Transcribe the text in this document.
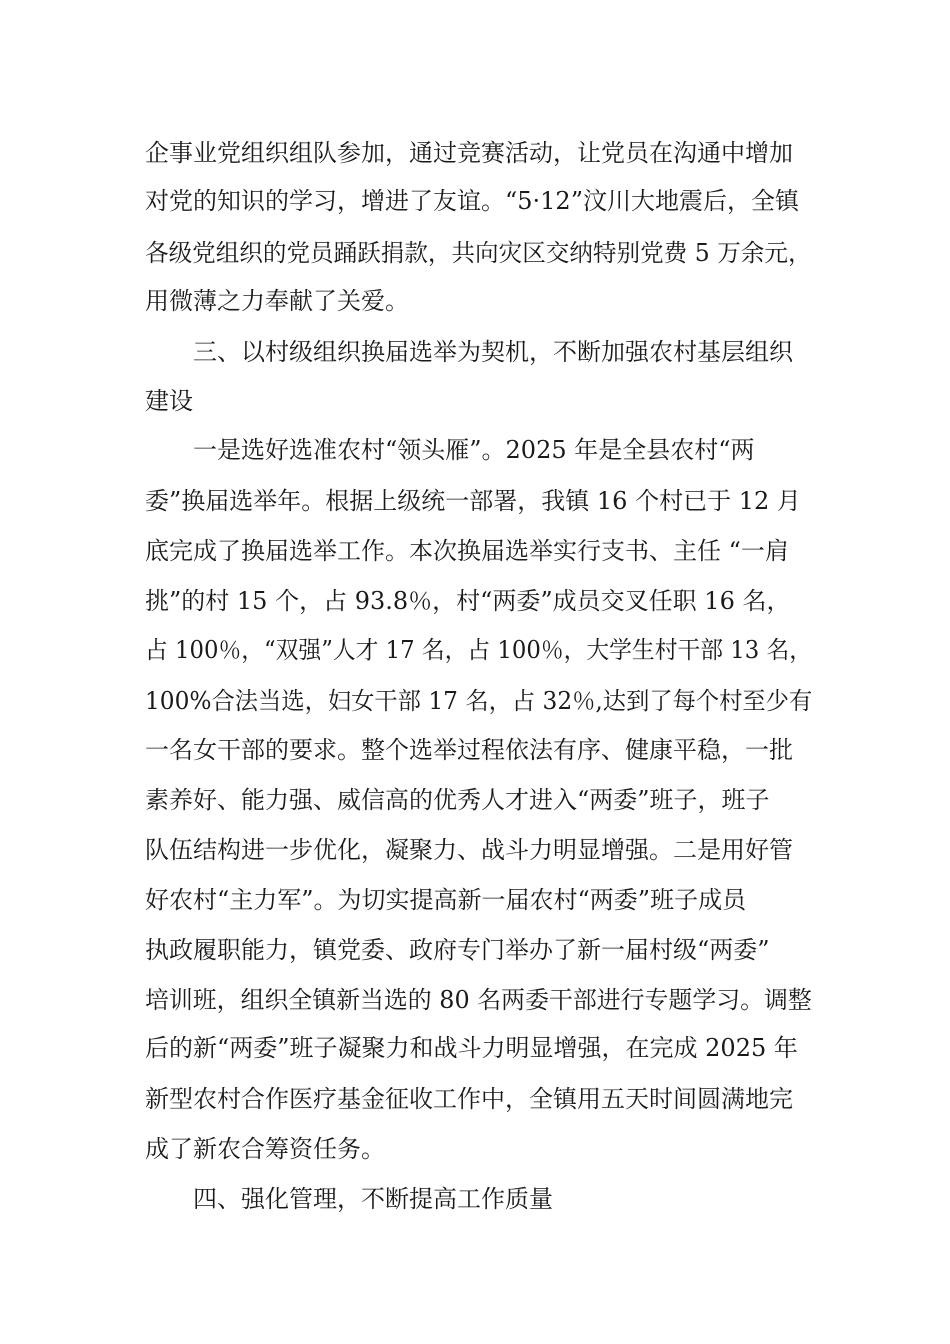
企事业党组织组队参加，通过竞赛活动，让党员在沟通中增加
对党的知识的学习，增进了友谊。“5·12”汶川大地震后，全镇
各级党组织的党员踊跃捐款，共向灾区交纳特别党费 5 万余元，
用微薄之力奉献了关爱。
三、以村级组织换届选举为契机，不断加强农村基层组织
建设
一是选好选准农村“领头雁”。2025 年是全县农村“两
委”换届选举年。根据上级统一部署，我镇 16 个村已于 12 月
底完成了换届选举工作。本次换届选举实行支书、主任 “一肩
挑”的村 15 个，占 93.8％，村“两委”成员交叉任职 16 名，
占 100％，“双强”人才 17 名，占 100％，大学生村干部 13 名，
100%合法当选，妇女干部 17 名，占 32％,达到了每个村至少有
一名女干部的要求。整个选举过程依法有序、健康平稳，一批
素养好、能力强、威信高的优秀人才进入“两委”班子，班子
队伍结构进一步优化，凝聚力、战斗力明显增强。二是用好管
好农村“主力军”。为切实提高新一届农村“两委”班子成员
执政履职能力，镇党委、政府专门举办了新一届村级“两委”
培训班，组织全镇新当选的 80 名两委干部进行专题学习。调整
后的新“两委”班子凝聚力和战斗力明显增强，在完成 2025 年
新型农村合作医疗基金征收工作中，全镇用五天时间圆满地完
成了新农合筹资任务。
四、强化管理，不断提高工作质量
